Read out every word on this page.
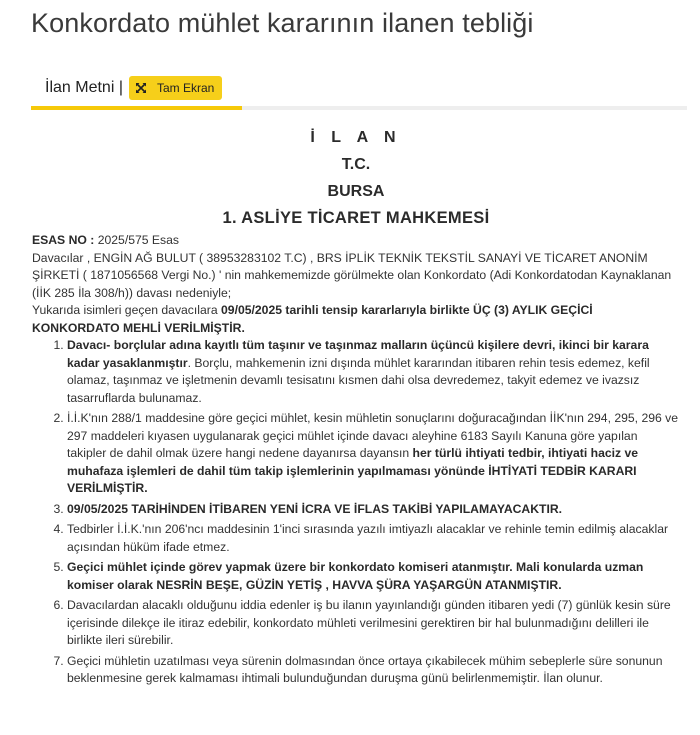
Konkordato mühlet kararının ilanen tebliği
İlan Metni |	Tam Ekran
İ L A N
T.C.
BURSA
1. ASLİYE TİCARET MAHKEMESİ

ESAS NO : 2025/575 Esas

Davacılar , ENGİN AĞ BULUT ( 38953283102 T.C) , BRS İPLİK TEKNİK TEKSTİL SANAYİ VE TİCARET ANONİM ŞİRKETİ ( 1871056568 Vergi No.) ' nin mahkememizde görülmekte olan Konkordato (Adi Konkordatodan Kaynaklanan (İİK 285 İla 308/h)) davası nedeniyle;

Yukarıda isimleri geçen davacılara 09/05/2025 tarihli tensip kararlarıyla birlikte ÜÇ (3) AYLIK GEÇİCİ KONKORDATO MEHLİ VERİLMİŞTİR.

1. Davacı- borçlular adına kayıtlı tüm taşınır ve taşınmaz malların üçüncü kişilere devri, ikinci bir karara kadar yasaklanmıştır. Borçlu, mahkemenin izni dışında mühlet kararından itibaren rehin tesis edemez, kefil olamaz, taşınmaz ve işletmenin devamlı tesisatını kısmen dahi olsa devredemez, takyit edemez ve ivazsız tasarruflarda bulunamaz.
2. İ.İ.K'nın 288/1 maddesine göre geçici mühlet, kesin mühletin sonuçlarını doğuracağından İİK'nın 294, 295, 296 ve 297 maddeleri kıyasen uygulanarak geçici mühlet içinde davacı aleyhine 6183 Sayılı Kanuna göre yapılan takipler de dahil olmak üzere hangi nedene dayanırsa dayansın her türlü ihtiyati tedbir, ihtiyati haciz ve muhafaza işlemleri de dahil tüm takip işlemlerinin yapılmaması yönünde İHTİYATİ TEDBİR KARARI VERİLMİŞTİR.
3. 09/05/2025 TARİHİNDEN İTİBAREN YENİ İCRA VE İFLAS TAKİBİ YAPILAMAYACAKTIR.
4. Tedbirler İ.İ.K.'nın 206'ncı maddesinin 1'inci sırasında yazılı imtiyazlı alacaklar ve rehinle temin edilmiş alacaklar açısından hüküm ifade etmez.
5. Geçici mühlet içinde görev yapmak üzere bir konkordato komiseri atanmıştır. Mali konularda uzman komiser olarak NESRİN BEŞE, GÜZİN YETİŞ , HAVVA ŞÜRA YAŞARGÜN ATANMIŞTIR.
6. Davacılardan alacaklı olduğunu iddia edenler iş bu ilanın yayınlandığı günden itibaren yedi (7) günlük kesin süre içerisinde dilekçe ile itiraz edebilir, konkordato mühleti verilmesini gerektiren bir hal bulunmadığını delilleri ile birlikte ileri sürebilir.
7. Geçici mühletin uzatılması veya sürenin dolmasından önce ortaya çıkabilecek mühim sebeplerle süre sonunun beklenmesine gerek kalmaması ihtimali bulunduğundan duruşma günü belirlenmemiştir. İlan olunur.
